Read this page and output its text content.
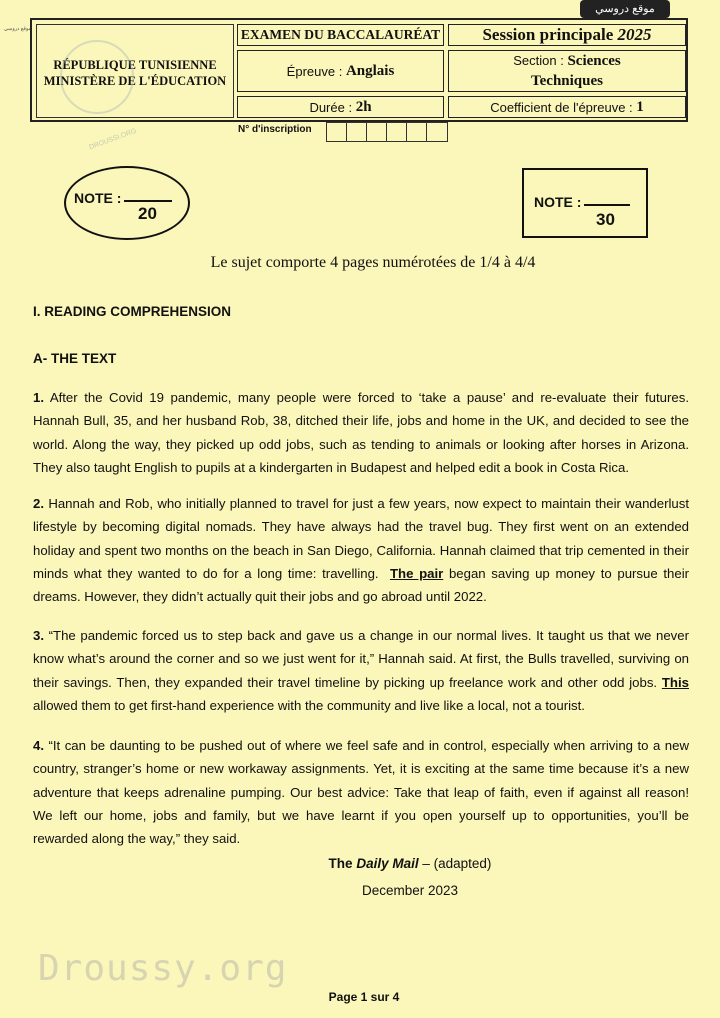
موقع دروسي
موقع دروسي
RÉPUBLIQUE TUNISIENNE
MINISTÈRE DE L'ÉDUCATION
EXAMEN DU BACCALAURÉAT Session principale
2025
Épreuve :
Anglais
Section : Sciences
Techniques
Durée :
2h	Coefficient de l'épreuve :
1
DROUSSI.ORG	N° d'inscription
NOTE :
20
NOTE :
30
Le sujet comporte 4 pages numérotées de 1/4 à 4/4
I. READING COMPREHENSION
A- THE TEXT
1. After the Covid 19 pandemic, many people were forced to ‘take a pause’ and re-evaluate their futures.
Hannah Bull, 35, and her husband Rob, 38, ditched their life, jobs and home in the UK, and decided to see the
world. Along the way, they picked up odd jobs, such as tending to animals or looking after horses in Arizona.
They also taught English to pupils at a kindergarten in Budapest and helped edit a book in Costa Rica.
2. Hannah and Rob, who initially planned to travel for just a few years, now expect to maintain their wanderlust
lifestyle by becoming digital nomads. They have always had the travel bug. They first went on an extended
holiday and spent two months on the beach in San Diego, California. Hannah claimed that trip cemented in their
minds what they wanted to do for a long time: travelling. The pair began saving up money to pursue their
dreams. However, they didn’t actually quit their jobs and go abroad until 2022.
3. “The pandemic forced us to step back and gave us a change in our normal lives. It taught us that we never
know what’s around the corner and so we just went for it,” Hannah said. At first, the Bulls travelled, surviving on
their savings. Then, they expanded their travel timeline by picking up freelance work and other odd jobs. This
allowed them to get first-hand experience with the community and live like a local, not a tourist.
4. “It can be daunting to be pushed out of where we feel safe and in control, especially when arriving to a new
country, stranger’s home or new workaway assignments. Yet, it is exciting at the same time because it’s a new
adventure that keeps adrenaline pumping. Our best advice: Take that leap of faith, even if against all reason!
We left our home, jobs and family, but we have learnt if you open yourself up to opportunities, you’ll be
rewarded along the way,” they said.
The Daily Mail – (adapted)
December 2023
Droussy.org
Page 1 sur 4
